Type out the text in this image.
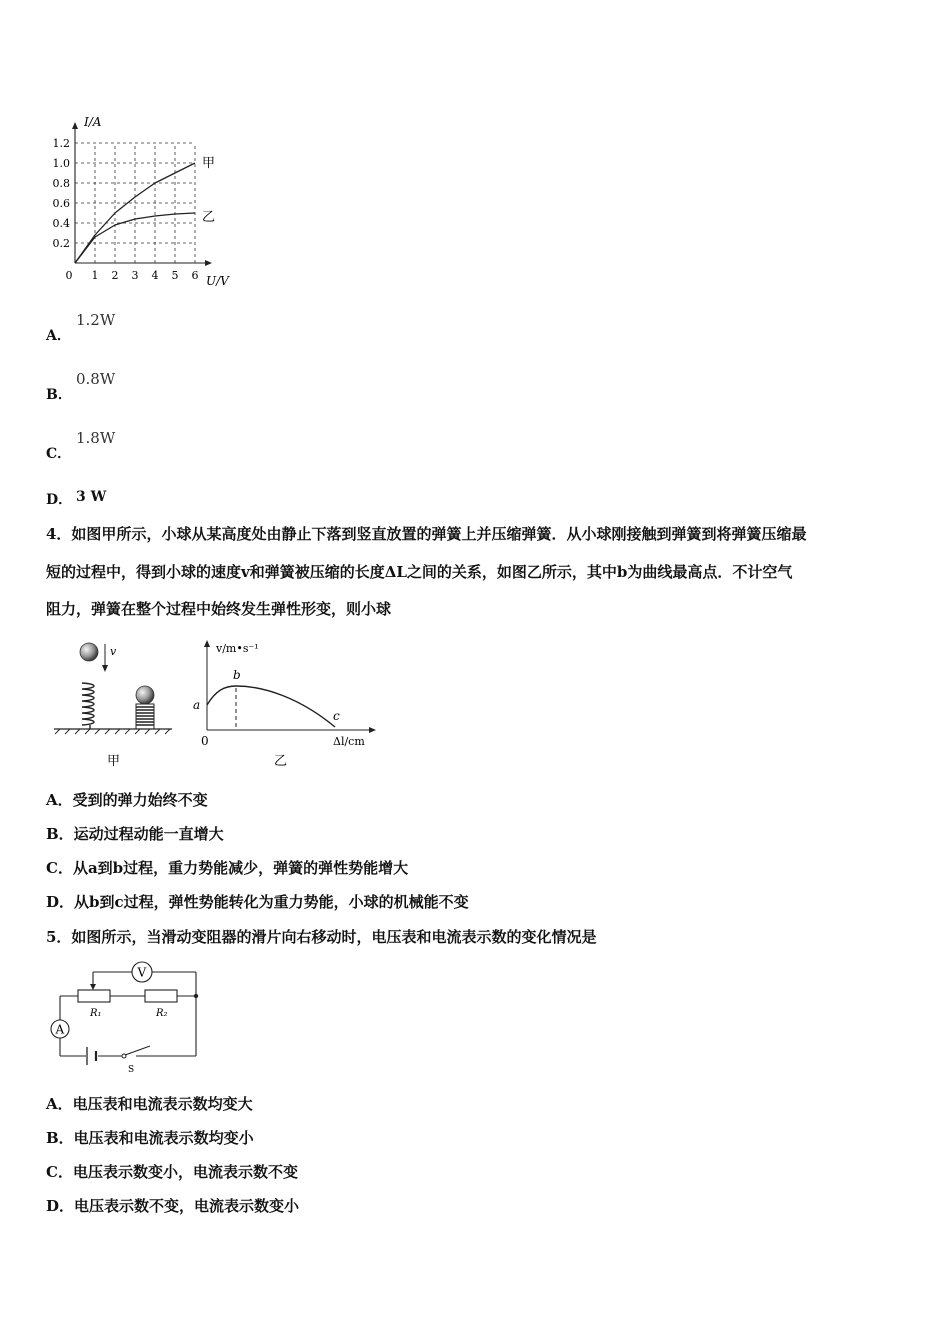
1.2
1.0
0.8
0.6
0.4
0.2
0 1 2 3 4 5 6
甲
乙
I/A
U/V
A．
1.2W
B．
0.8W
C．
1.8W
D． 3 W
4．如图甲所示，小球从某高度处由静止下落到竖直放置的弹簧上并压缩弹簧．从小球刚接触到弹簧到将弹簧压缩最
短的过程中，得到小球的速度v和弹簧被压缩的长度ΔL之间的关系，如图乙所示，其中b为曲线最高点．不计空气
阻力，弹簧在整个过程中始终发生弹性形变，则小球
v
甲
v/m•s⁻¹
Δl/cm
0
a
b
c
乙
A．受到的弹力始终不变
B．运动过程动能一直增大
C．从a到b过程，重力势能减少，弹簧的弹性势能增大
D．从b到c过程，弹性势能转化为重力势能，小球的机械能不变
5．如图所示，当滑动变阻器的滑片向右移动时，电压表和电流表示数的变化情况是
R₁	R₂
V
A
S
A．电压表和电流表示数均变大
B．电压表和电流表示数均变小
C．电压表示数变小，电流表示数不变
D．电压表示数不变，电流表示数变小
